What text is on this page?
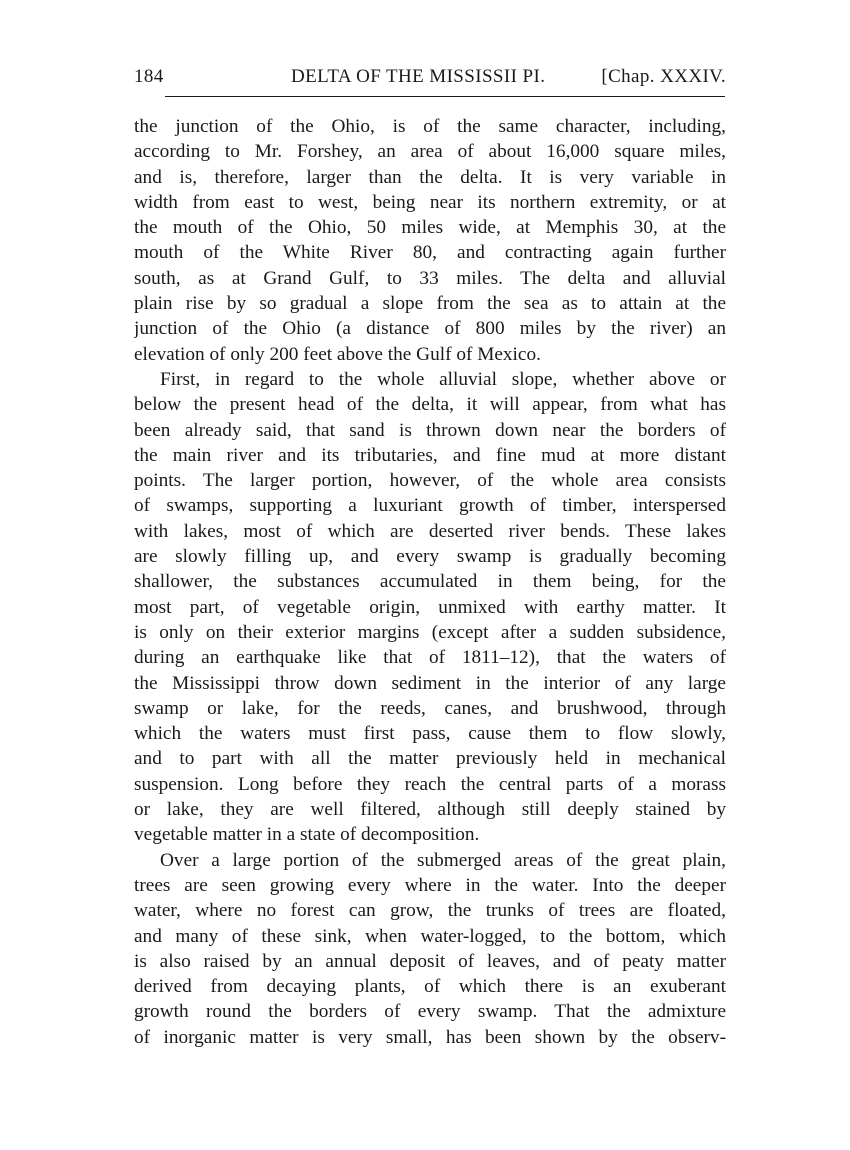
184	DELTA OF THE MISSISSII PI.	[Chap. XXXIV.
the junction of the Ohio, is of the same character, including,
according to Mr. Forshey, an area of about 16,000 square miles,
and is, therefore, larger than the delta. It is very variable in
width from east to west, being near its northern extremity, or at
the mouth of the Ohio, 50 miles wide, at Memphis 30, at the
mouth of the White River 80, and contracting again further
south, as at Grand Gulf, to 33 miles. The delta and alluvial
plain rise by so gradual a slope from the sea as to attain at the
junction of the Ohio (a distance of 800 miles by the river) an
elevation of only 200 feet above the Gulf of Mexico.
First, in regard to the whole alluvial slope, whether above or
below the present head of the delta, it will appear, from what has
been already said, that sand is thrown down near the borders of
the main river and its tributaries, and fine mud at more distant
points. The larger portion, however, of the whole area consists
of swamps, supporting a luxuriant growth of timber, interspersed
with lakes, most of which are deserted river bends. These lakes
are slowly filling up, and every swamp is gradually becoming
shallower, the substances accumulated in them being, for the
most part, of vegetable origin, unmixed with earthy matter. It
is only on their exterior margins (except after a sudden subsidence,
during an earthquake like that of 1811–12), that the waters of
the Mississippi throw down sediment in the interior of any large
swamp or lake, for the reeds, canes, and brushwood, through
which the waters must first pass, cause them to flow slowly,
and to part with all the matter previously held in mechanical
suspension. Long before they reach the central parts of a morass
or lake, they are well filtered, although still deeply stained by
vegetable matter in a state of decomposition.
Over a large portion of the submerged areas of the great plain,
trees are seen growing every where in the water. Into the deeper
water, where no forest can grow, the trunks of trees are floated,
and many of these sink, when water-logged, to the bottom, which
is also raised by an annual deposit of leaves, and of peaty matter
derived from decaying plants, of which there is an exuberant
growth round the borders of every swamp. That the admixture
of inorganic matter is very small, has been shown by the observ-
